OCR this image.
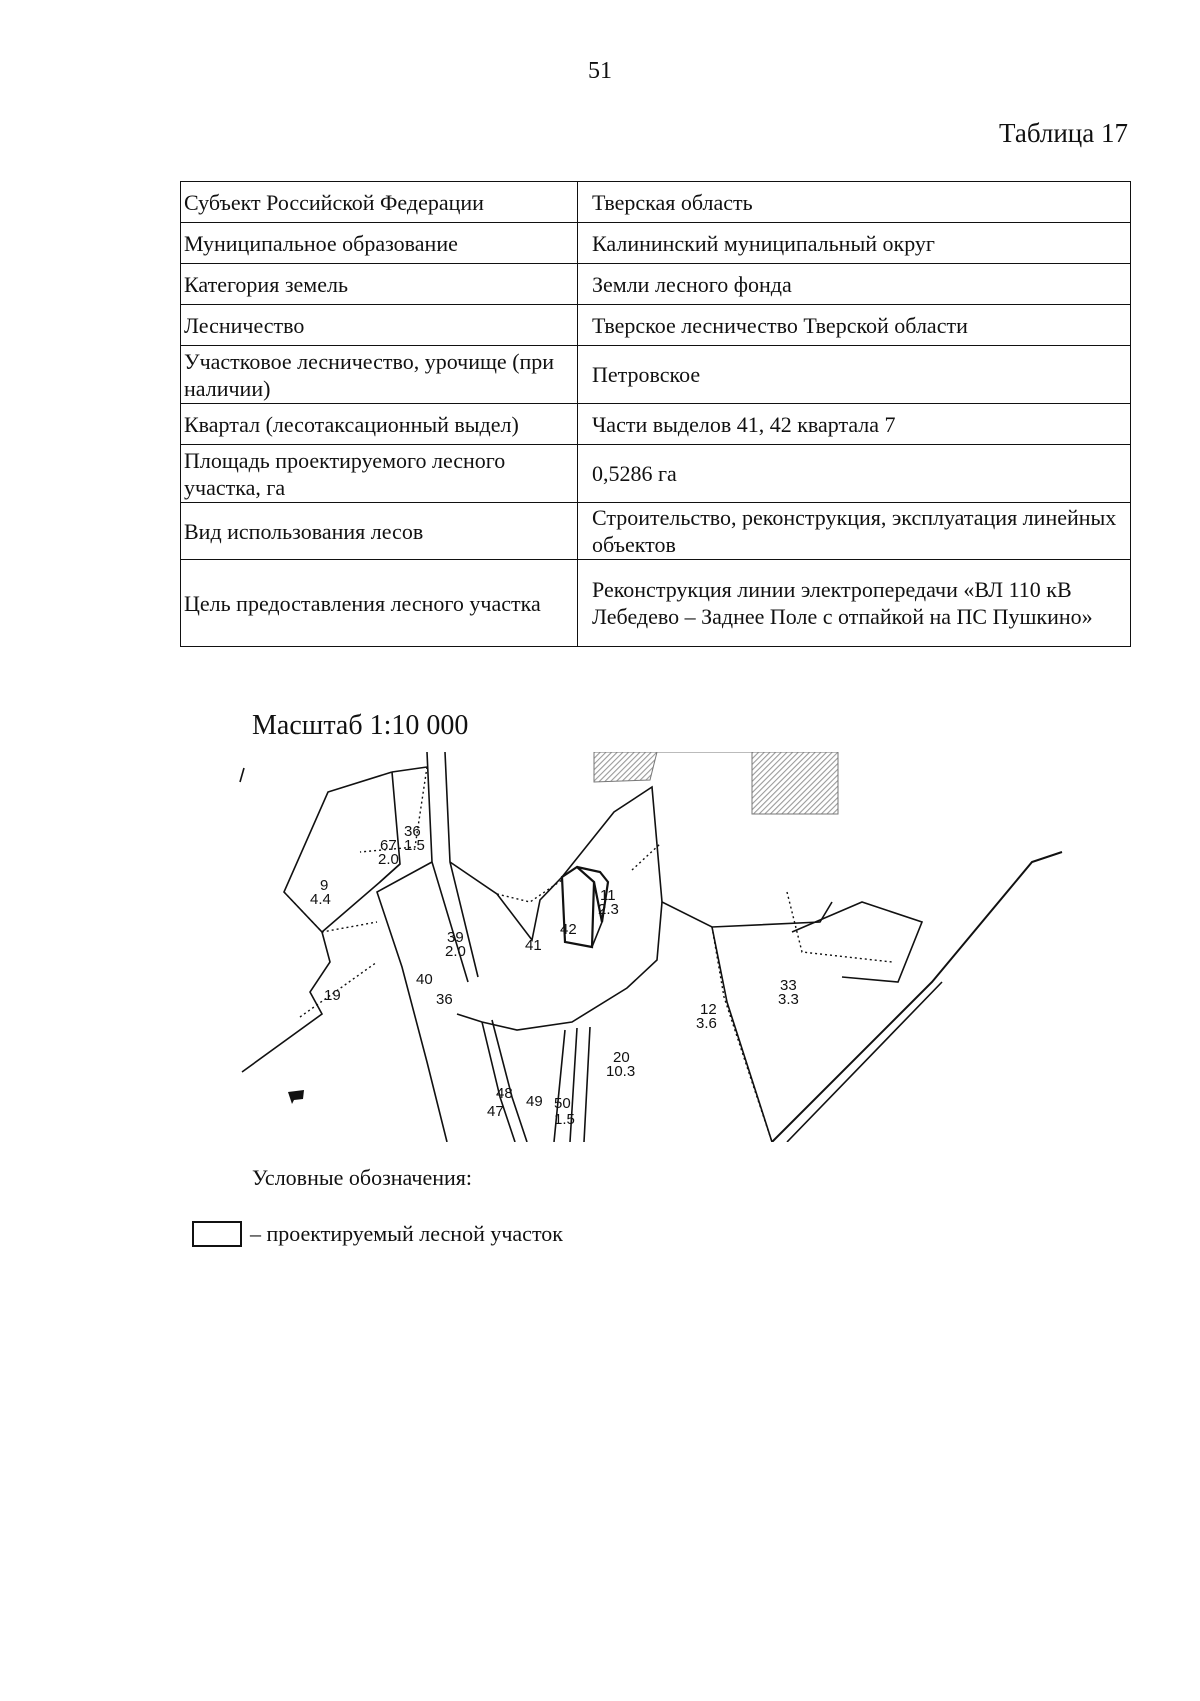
51
Таблица 17
Субъект Российской Федерации	Тверская область
Муниципальное образование	Калининский муниципальный округ
Категория земель	Земли лесного фонда
Лесничество	Тверское лесничество Тверской области
Участковое лесничество, урочище (при наличии)	Петровское
Квартал (лесотаксационный выдел)	Части выделов 41, 42 квартала 7
Площадь проектируемого лесного участка, га	0,5286 га
Вид использования лесов	Строительство, реконструкция, эксплуатация линейных объектов
Цель предоставления лесного участка	Реконструкция линии электропередачи «ВЛ 110 кВ Лебедево – Заднее Поле с отпайкой на ПС Пушкино»
Масштаб 1:10 000
9
4.4
67
2.0
36
1.5
11
2.3
39
2.0	41
42
40
36
19
33
3.3
12
3.6
20
10.3
48
47
49 50
1.5
Условные обозначения:
– проектируемый лесной участок
